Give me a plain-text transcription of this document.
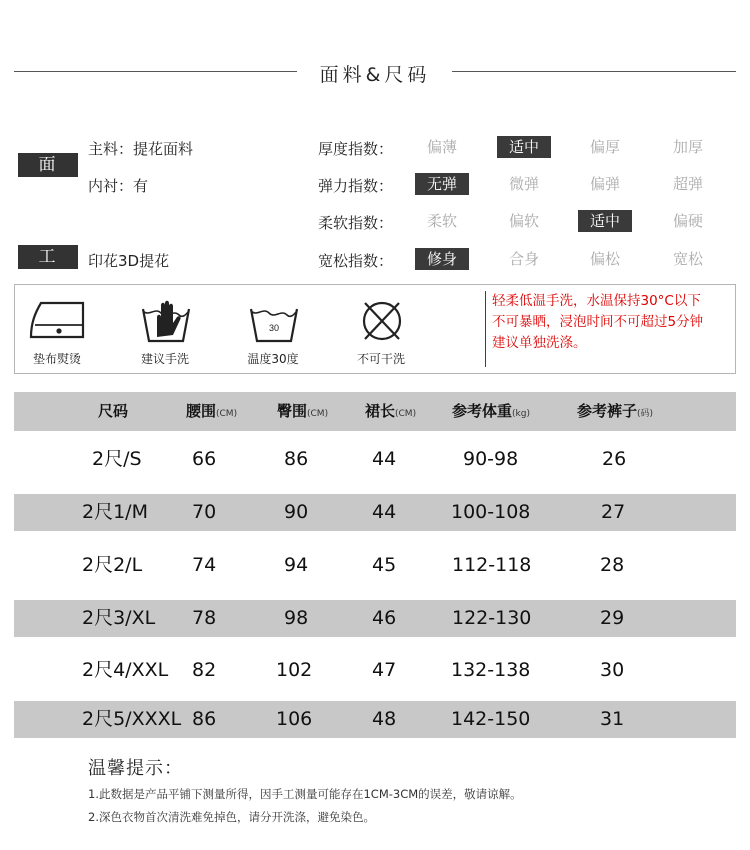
面料&尺码
面料
工艺
主料：提花面料
内衬：有
印花3D提花
厚度指数：	偏薄	适中	偏厚	加厚
弹力指数：	无弹	微弹	偏弹	超弹
柔软指数：	柔软	偏软	适中	偏硬
宽松指数：	修身	合身	偏松	宽松
垫布熨烫	建议手洗
30
温度30度	不可干洗
轻柔低温手洗，水温保持30°C以下
不可暴晒，浸泡时间不可超过5分钟
建议单独洗涤。
尺码	腰围(CM)	臀围(CM) 裙长(CM) 参考体重(kg)	参考裤子(码)
2尺/S	66	86	44	90-98	26
2尺1/M 70	90	44	100-108	27
2尺2/L	74	94	45	112-118	28
2尺3/XL 78	98	46	122-130	29
2尺4/XXL 82	102	47	132-138	30
2尺5/XXXL 86	106	48	142-150	31
温馨提示：
1.此数据是产品平铺下测量所得，因手工测量可能存在1CM-3CM的误差，敬请谅解。
2.深色衣物首次清洗难免掉色，请分开洗涤，避免染色。
